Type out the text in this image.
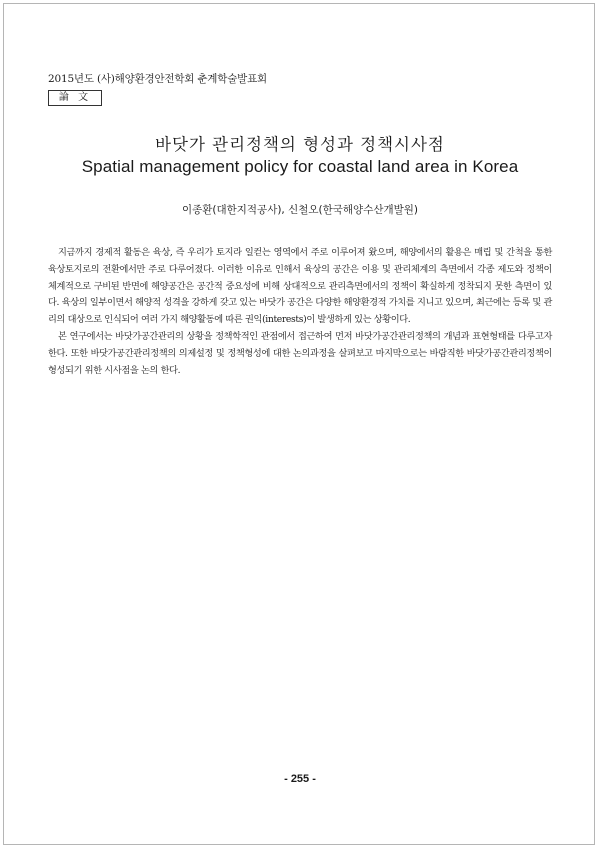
2015년도 (사)해양환경안전학회 춘계학술발표회
論 文
바닷가 관리정책의 형성과 정책시사점
Spatial management policy for coastal land area in Korea
이종환(대한지적공사), 신철오(한국해양수산개발원)

지금까지 경제적 활동은 육상, 즉 우리가 토지라 일컫는 영역에서 주로 이루어져 왔으며, 해양에서의 활용은 매립 및 간척을 통한 육상토지로의 전환에서만 주로 다루어졌다. 이러한 이유로 인해서 육상의 공간은 이용 및 관리체계의 측면에서 각종 제도와 정책이 체계적으로 구비된 반면에 해양공간은 공간적 중요성에 비해 상대적으로 관리측면에서의 정책이 확실하게 정착되지 못한 측면이 있다. 육상의 일부이면서 해양적 성격을 강하게 갖고 있는 바닷가 공간은 다양한 해양환경적 가치를 지니고 있으며, 최근에는 등록 및 관리의 대상으로 인식되어 여러 가지 해양활동에 따른 권익(interests)이 발생하게 있는 상황이다.

본 연구에서는 바닷가공간관리의 상황을 정책학적인 관점에서 접근하여 먼저 바닷가공간관리정책의 개념과 표현형태를 다루고자 한다. 또한 바닷가공간관리정책의 의제설정 및 정책형성에 대한 논의과정을 살펴보고 마지막으로는 바람직한 바닷가공간관리정책이 형성되기 위한 시사점을 논의 한다.

- 255 -
